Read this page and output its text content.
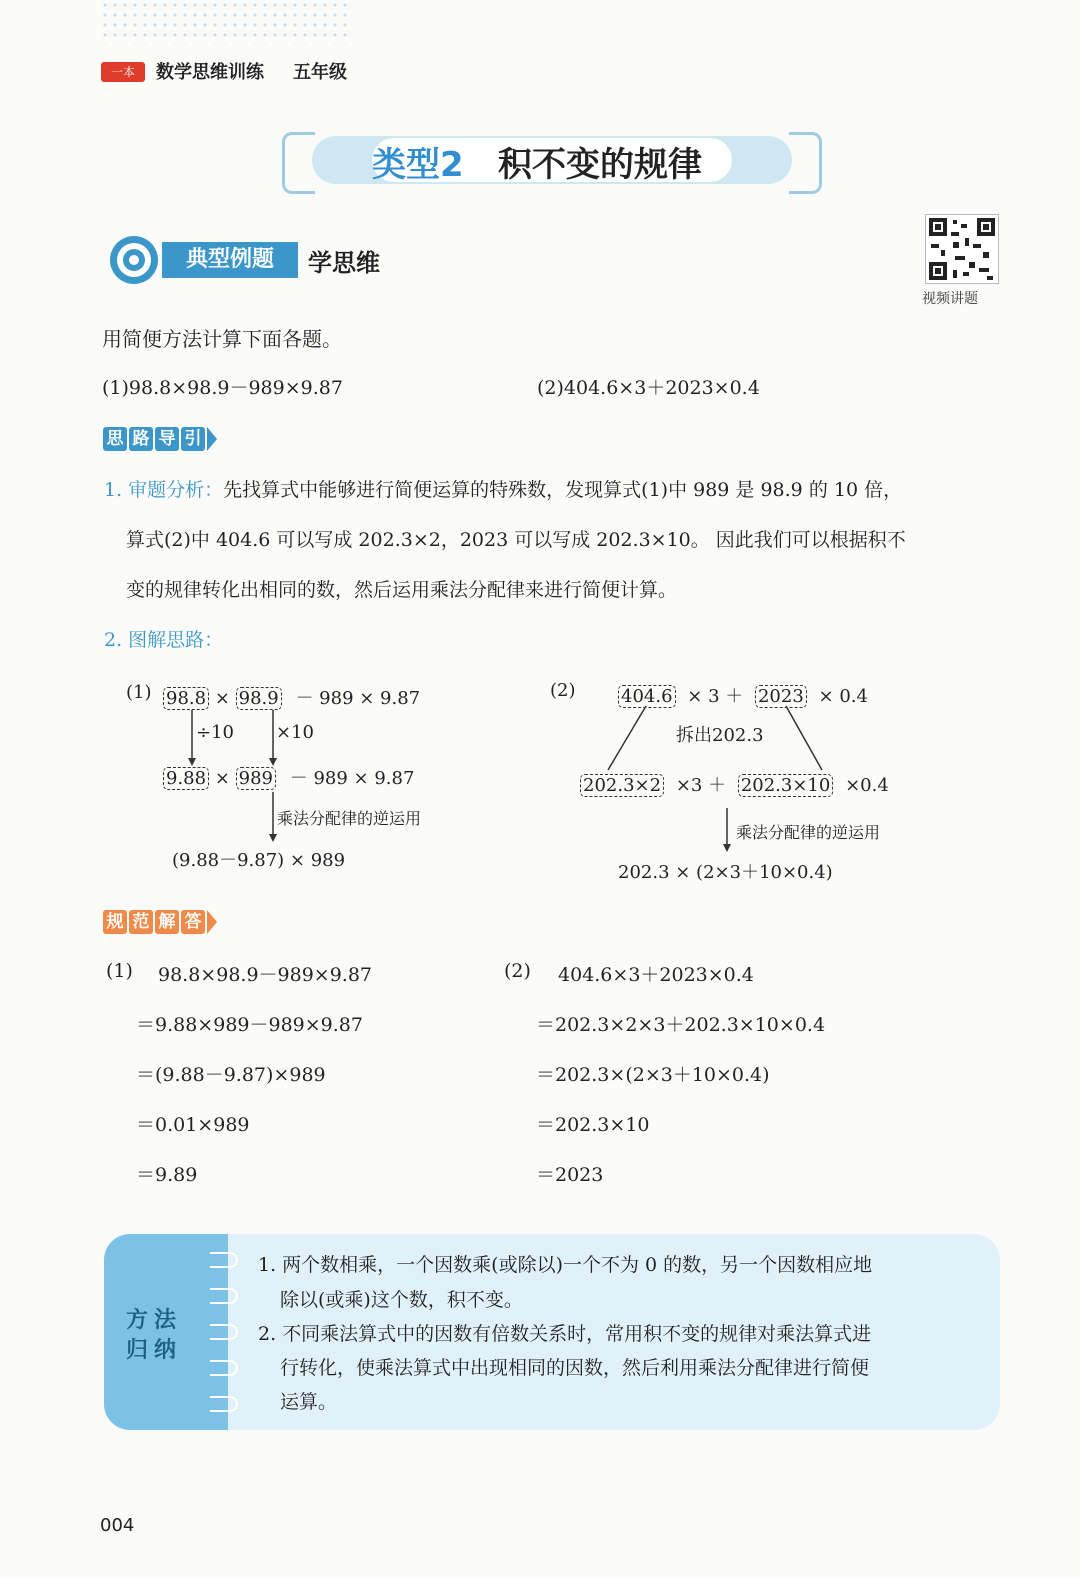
一本	数学思维训练 五年级
类型2 积不变的规律
典型例题	学思维
视频讲题
用简便方法计算下面各题。
(1)98.8×98.9－989×9.87	(2)404.6×3＋2023×0.4
思 路 导 引
1. 审题分析：先找算式中能够进行简便运算的特殊数，发现算式(1)中 989 是 98.9 的 10 倍，
算式(2)中 404.6 可以写成 202.3×2，2023 可以写成 202.3×10。 因此我们可以根据积不
变的规律转化出相同的数，然后运用乘法分配律来进行简便计算。
2. 图解思路：
(1) 98.8 × 98.9 － 989 × 9.87
÷10 ×10
9.88 × 989 － 989 × 9.87
乘法分配律的逆运用
(9.88－9.87) × 989
(2)	404.6 × 3 ＋ 2023 × 0.4
拆出202.3
202.3×2 ×3 ＋ 202.3×10 ×0.4
乘法分配律的逆运用
202.3 × (2×3＋10×0.4)
规 范 解 答
(1) 98.8×98.9－989×9.87
＝9.88×989－989×9.87
＝(9.88－9.87)×989
＝0.01×989
＝9.89
(2) 404.6×3＋2023×0.4
＝202.3×2×3＋202.3×10×0.4
＝202.3×(2×3＋10×0.4)
＝202.3×10
＝2023
方法归纳
1. 两个数相乘，一个因数乘(或除以)一个不为 0 的数，另一个因数相应地
除以(或乘)这个数，积不变。
2. 不同乘法算式中的因数有倍数关系时，常用积不变的规律对乘法算式进
行转化，使乘法算式中出现相同的因数，然后利用乘法分配律进行简便
运算。
004
